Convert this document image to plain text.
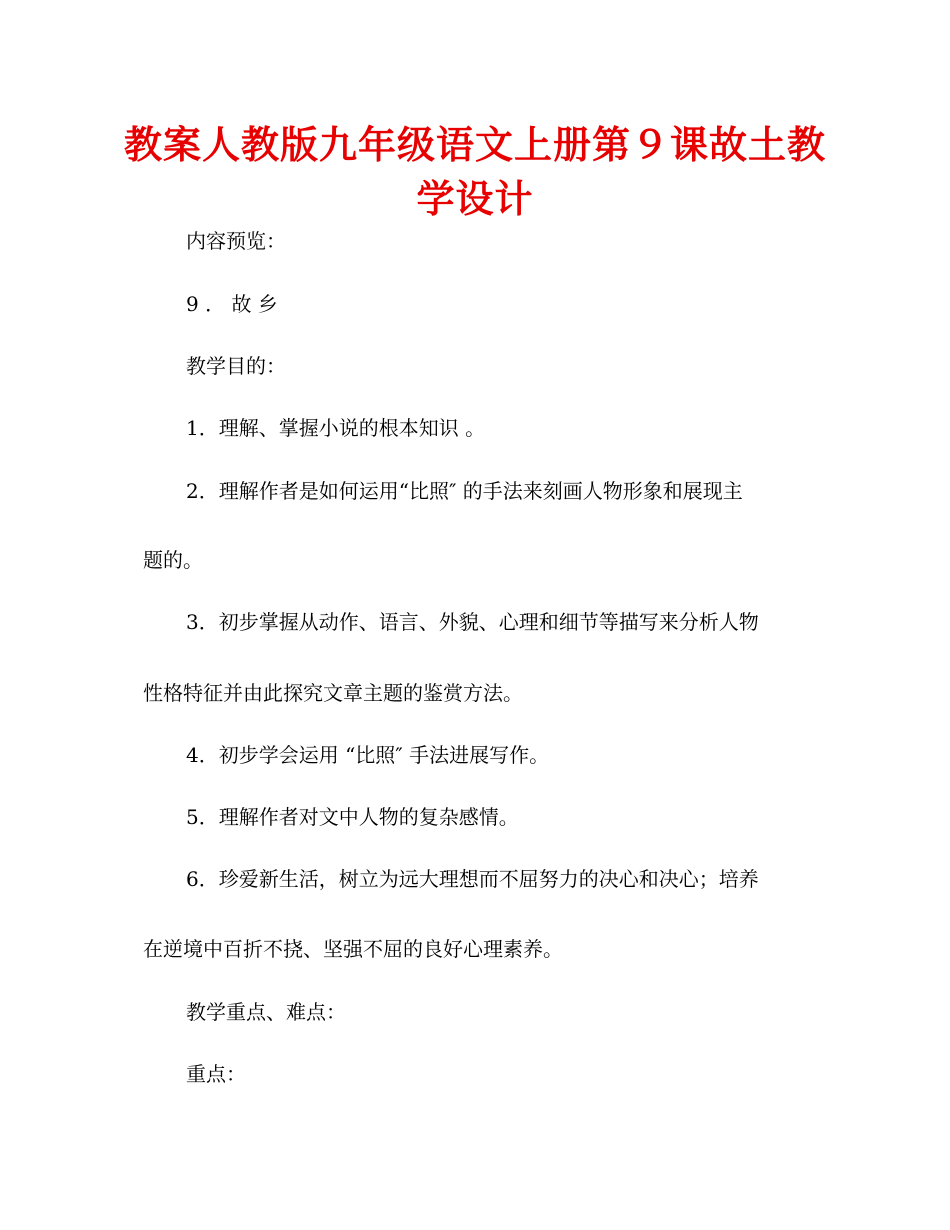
教案人教版九年级语文上册第９课故土教学设计
内容预览：
9 ． 故 乡
教学目的：
1．理解、掌握小说的根本知识 。
2．理解作者是如何运用“比照″ 的手法来刻画人物形象和展现主
题的。
3．初步掌握从动作、语言、外貌、心理和细节等描写来分析人物
性格特征并由此探究文章主题的鉴赏方法。
4．初步学会运用 “比照″ 手法进展写作。
5．理解作者对文中人物的复杂感情。
6．珍爱新生活，树立为远大理想而不屈努力的决心和决心；培养
在逆境中百折不挠、坚强不屈的良好心理素养。
教学重点、难点：
重点：
